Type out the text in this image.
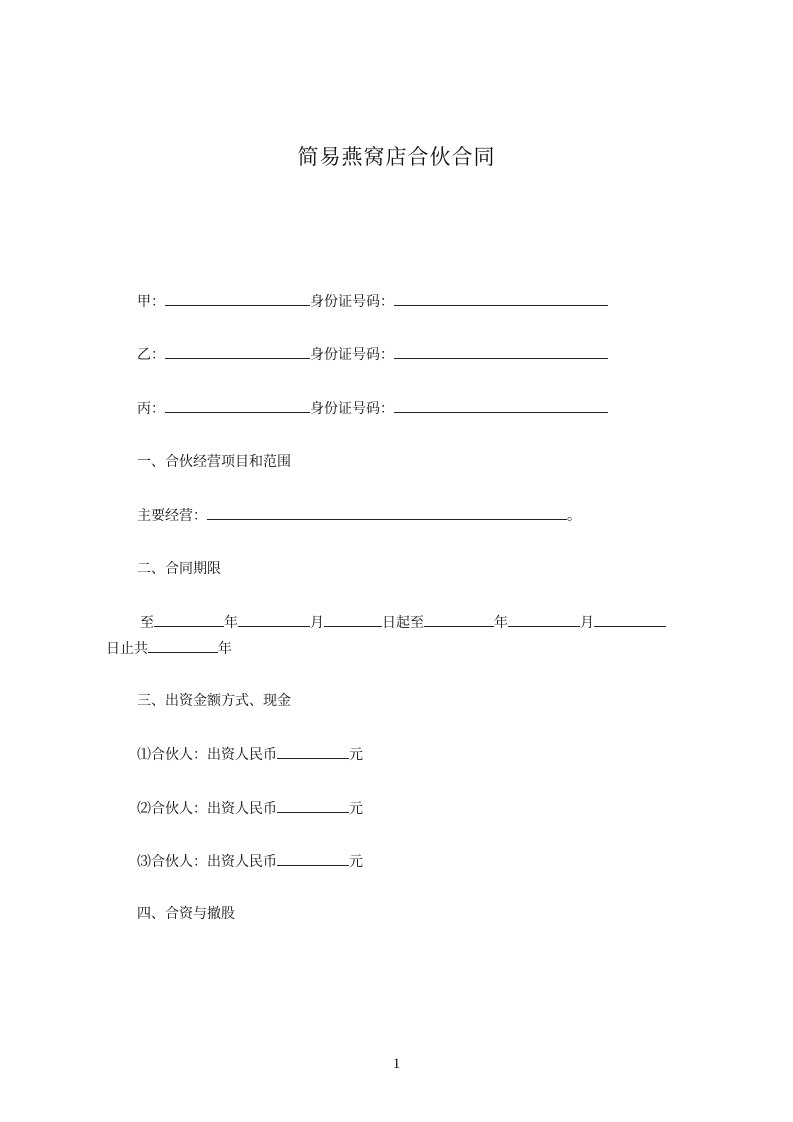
简易燕窝店合伙合同
甲：	身份证号码：
乙：	身份证号码：
丙：	身份证号码：
一、合伙经营项目和范围
主要经营：	。
二、合同期限
至	年	月	日起至	年	月
日止共	年
三、出资金额方式、现金
⑴合伙人：出资人民币	元
⑵合伙人：出资人民币	元
⑶合伙人：出资人民币	元
四、合资与撤股
1
